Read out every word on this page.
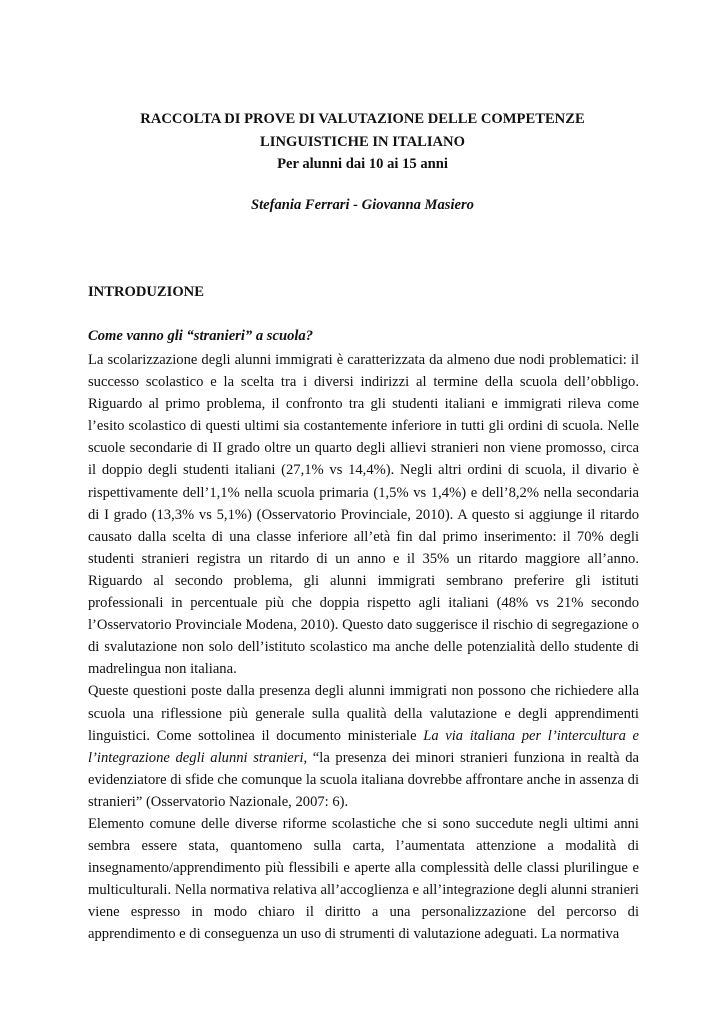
RACCOLTA DI PROVE DI VALUTAZIONE DELLE COMPETENZE
LINGUISTICHE IN ITALIANO
Per alunni dai 10 ai 15 anni
Stefania Ferrari - Giovanna Masiero
INTRODUZIONE
Come vanno gli “stranieri” a scuola?

La scolarizzazione degli alunni immigrati è caratterizzata da almeno due nodi problematici: il successo scolastico e la scelta tra i diversi indirizzi al termine della scuola dell’obbligo. Riguardo al primo problema, il confronto tra gli studenti italiani e immigrati rileva come l’esito scolastico di questi ultimi sia costantemente inferiore in tutti gli ordini di scuola. Nelle scuole secondarie di II grado oltre un quarto degli allievi stranieri non viene promosso, circa il doppio degli studenti italiani (27,1% vs 14,4%). Negli altri ordini di scuola, il divario è rispettivamente dell’1,1% nella scuola primaria (1,5% vs 1,4%) e dell’8,2% nella secondaria di I grado (13,3% vs 5,1%) (Osservatorio Provinciale, 2010). A questo si aggiunge il ritardo causato dalla scelta di una classe inferiore all’età fin dal primo inserimento: il 70% degli studenti stranieri registra un ritardo di un anno e il 35% un ritardo maggiore all’anno. Riguardo al secondo problema, gli alunni immigrati sembrano preferire gli istituti professionali in percentuale più che doppia rispetto agli italiani (48% vs 21% secondo l’Osservatorio Provinciale Modena, 2010). Questo dato suggerisce il rischio di segregazione o di svalutazione non solo dell’istituto scolastico ma anche delle potenzialità dello studente di madrelingua non italiana.

Queste questioni poste dalla presenza degli alunni immigrati non possono che richiedere alla scuola una riflessione più generale sulla qualità della valutazione e degli apprendimenti linguistici. Come sottolinea il documento ministeriale La via italiana per l’intercultura e l’integrazione degli alunni stranieri, “la presenza dei minori stranieri funziona in realtà da evidenziatore di sfide che comunque la scuola italiana dovrebbe affrontare anche in assenza di stranieri” (Osservatorio Nazionale, 2007: 6).

Elemento comune delle diverse riforme scolastiche che si sono succedute negli ultimi anni sembra essere stata, quantomeno sulla carta, l’aumentata attenzione a modalità di insegnamento/apprendimento più flessibili e aperte alla complessità delle classi plurilingue e multiculturali. Nella normativa relativa all’accoglienza e all’integrazione degli alunni stranieri viene espresso in modo chiaro il diritto a una personalizzazione del percorso di apprendimento e di conseguenza un uso di strumenti di valutazione adeguati. La normativa
